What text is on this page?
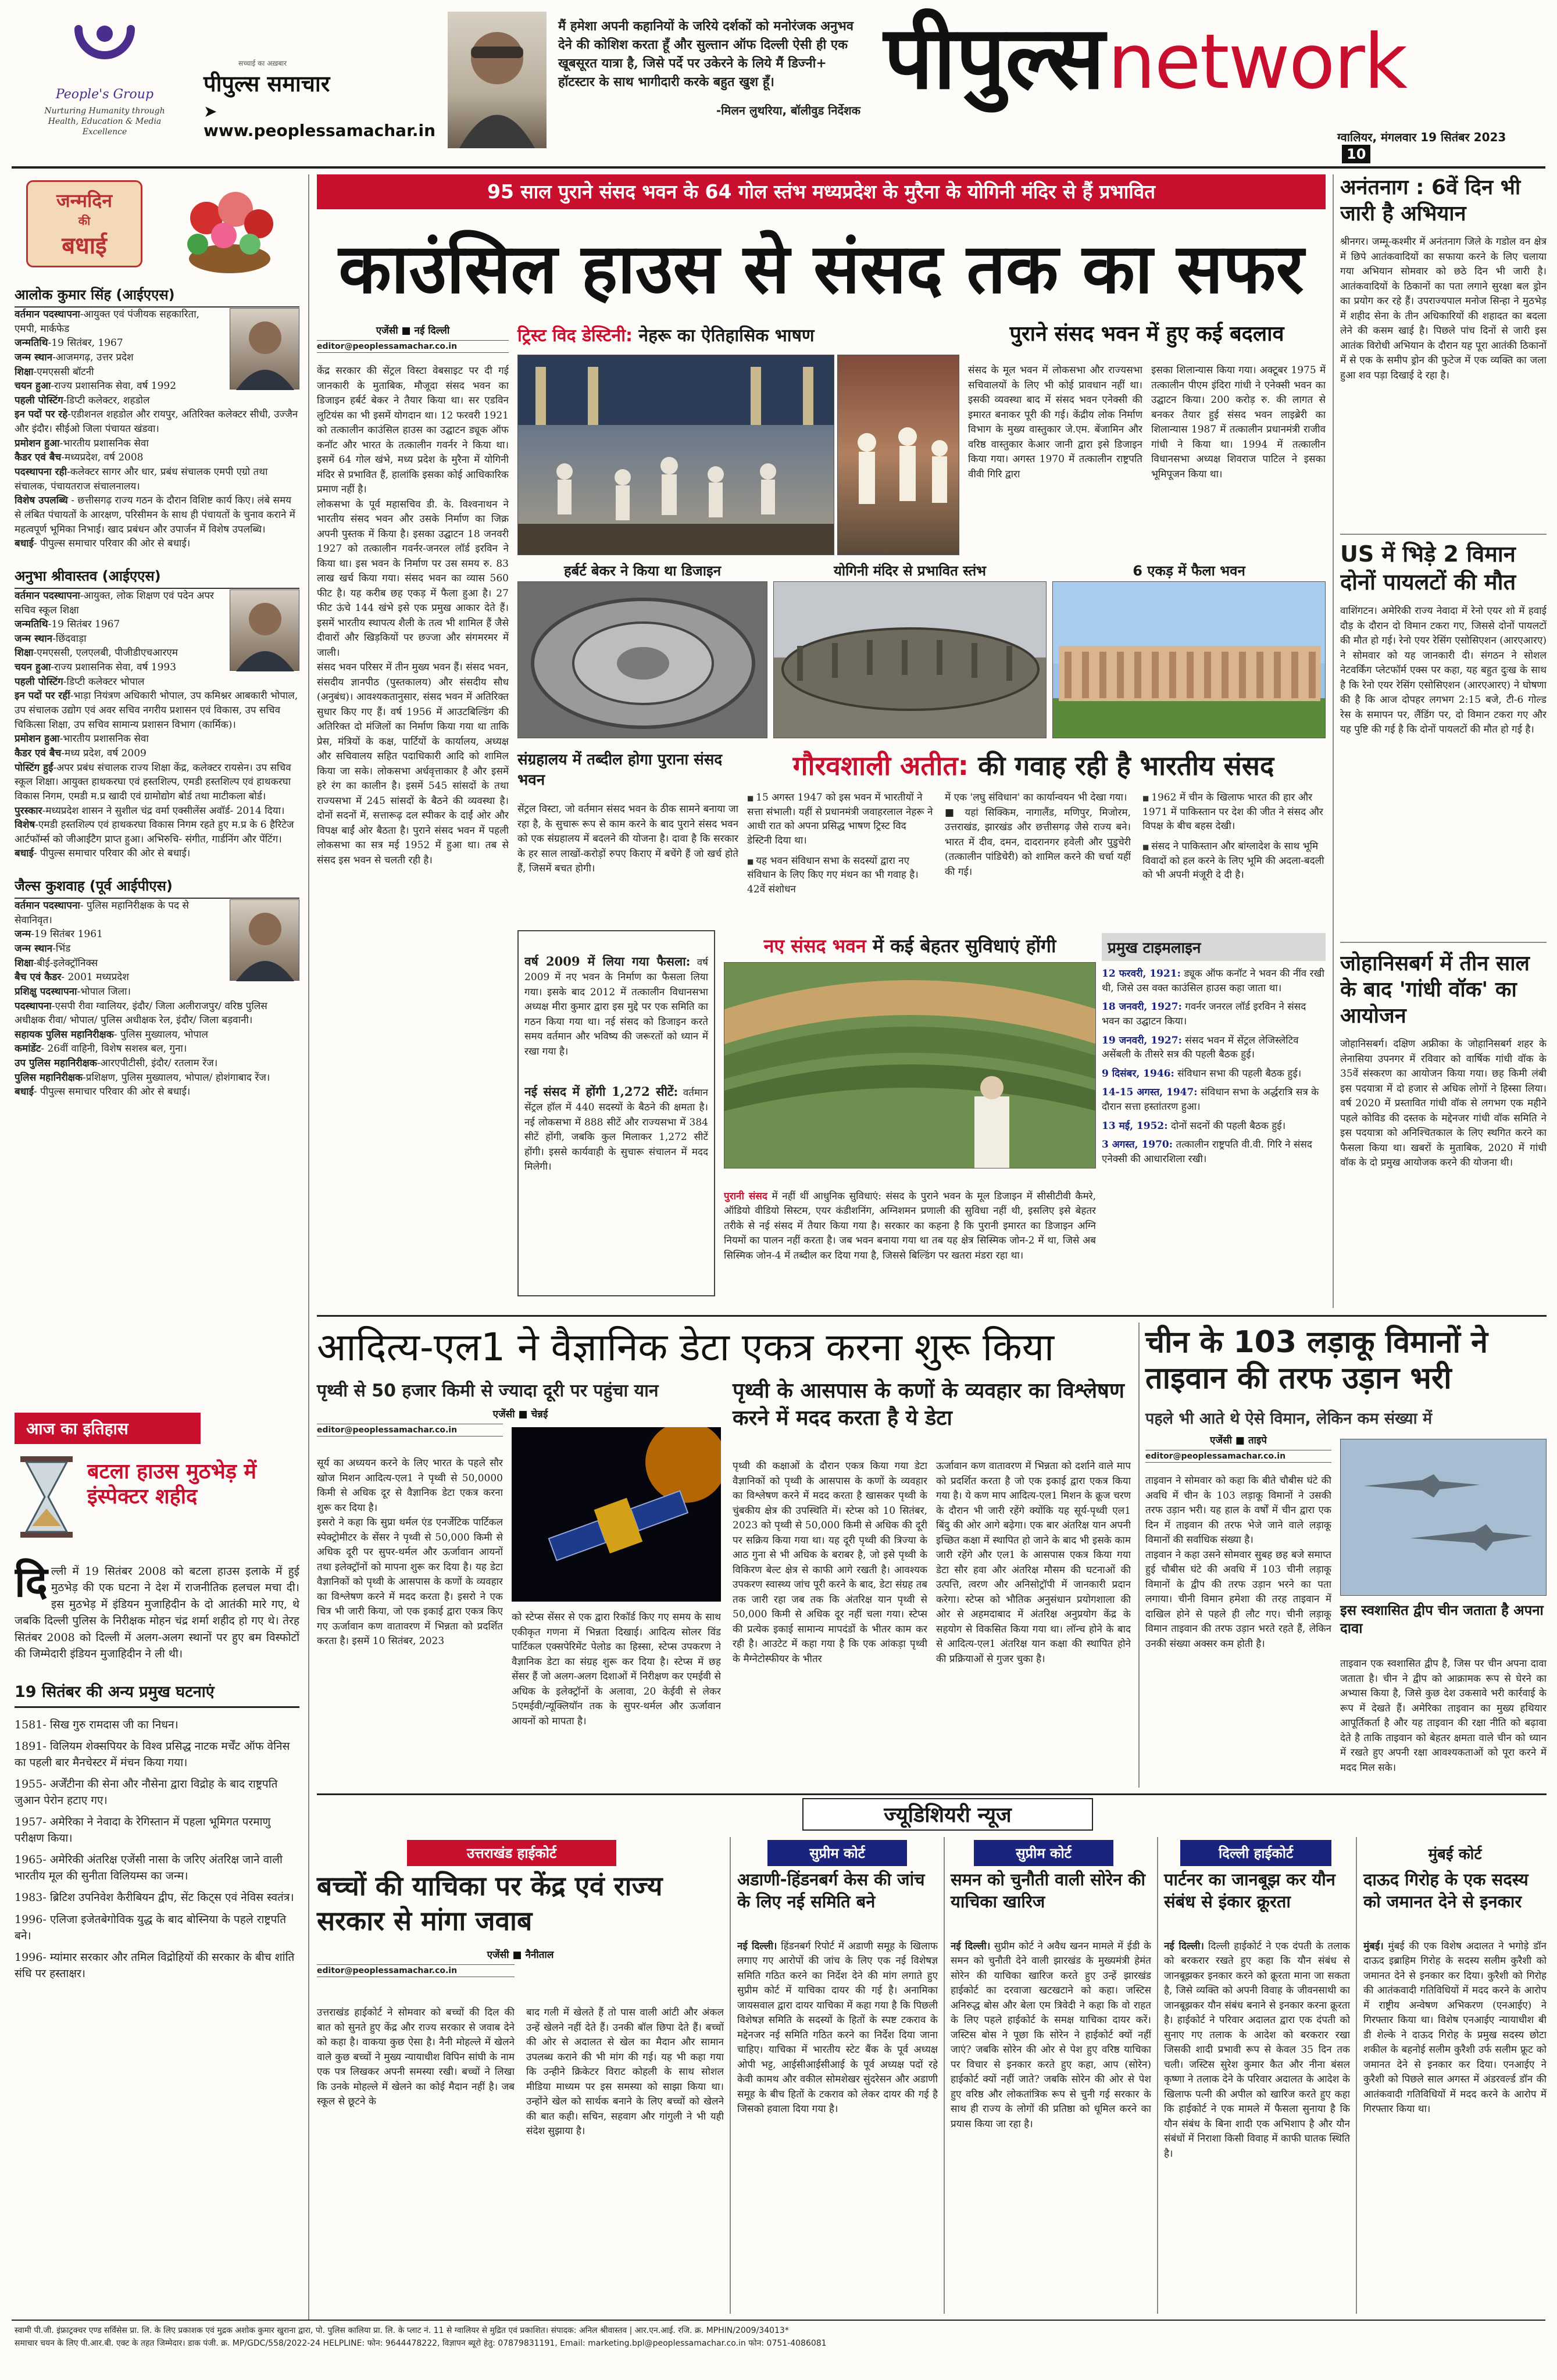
People's Group
Nurturing Humanity through Health, Education & Media Excellence
सच्चाई का अख़बार
पीपुल्स समाचार
➤ www.peoplessamachar.in
मैं हमेशा अपनी कहानियों के जरिये दर्शकों को मनोरंजक अनुभव देने की कोशिश करता हूँ और सुल्तान ऑफ दिल्ली ऐसी ही एक खूबसूरत यात्रा है, जिसे पर्दे पर उकेरने के लिये मैं डिज्नी+ हॉटस्टार के साथ भागीदारी करके बहुत खुश हूँ।
-मिलन लुथरिया, बॉलीवुड निर्देशक
पीपुल्स network
ग्वालियर, मंगलवार 19 सितंबर 2023 10
जन्मदिन
की
बधाई
आलोक कुमार सिंह (आईएएस)
वर्तमान पदस्थापना-आयुक्त एवं पंजीयक सहकारिता, एमपी, मार्कफेड
जन्मतिथि-19 सितंबर, 1967
जन्म स्थान-आजमगढ़, उत्तर प्रदेश
शिक्षा-एमएससी बॉटनी
चयन हुआ-राज्य प्रशासनिक सेवा, वर्ष 1992
पहली पोस्टिंग-डिप्टी कलेक्टर, शहडोल
इन पदों पर रहे-एडीशनल शहडोल और रायपुर, अतिरिक्त कलेक्टर सीधी, उज्जैन और इंदौर। सीईओ जिला पंचायत खंडवा।
प्रमोशन हुआ-भारतीय प्रशासनिक सेवा
कैडर एवं बैच-मध्यप्रदेश, वर्ष 2008
पदस्थापना रही-कलेक्टर सागर और धार, प्रबंध संचालक एमपी एग्रो तथा संचालक, पंचायतराज संचालनालय।
विशेष उपलब्धि - छत्तीसगढ़ राज्य गठन के दौरान विशिष्ट कार्य किए। लंबे समय से लंबित पंचायतों के आरक्षण, परिसीमन के साथ ही पंचायतों के चुनाव कराने में महत्वपूर्ण भूमिका निभाई। खाद प्रबंधन और उपार्जन में विशेष उपलब्धि।
बधाई- पीपुल्स समाचार परिवार की ओर से बधाई।
अनुभा श्रीवास्तव (आईएएस)
वर्तमान पदस्थापना-आयुक्त, लोक शिक्षण एवं पदेन अपर सचिव स्कूल शिक्षा
जन्मतिथि-19 सितंबर 1967
जन्म स्थान-छिंदवाड़ा
शिक्षा-एमएससी, एलएलबी, पीजीडीएचआरएम
चयन हुआ-राज्य प्रशासनिक सेवा, वर्ष 1993
पहली पोस्टिंग-डिप्टी कलेक्टर भोपाल
इन पदों पर रहीं-भाड़ा नियंत्रण अधिकारी भोपाल, उप कमिश्नर आबकारी भोपाल, उप संचालक उद्योग एवं अवर सचिव नगरीय प्रशासन एवं विकास, उप सचिव चिकित्सा शिक्षा, उप सचिव सामान्य प्रशासन विभाग (कार्मिक)।
प्रमोशन हुआ-भारतीय प्रशासनिक सेवा
कैडर एवं बैच-मध्य प्रदेश, वर्ष 2009
पोस्टिंग हुईं-अपर प्रबंध संचालक राज्य शिक्षा केंद्र, कलेक्टर रायसेन। उप सचिव स्कूल शिक्षा। आयुक्त हाथकरघा एवं हस्तशिल्प, एमडी हस्तशिल्प एवं हाथकरघा विकास निगम, एमडी म.प्र खादी एवं ग्रामोद्योग बोर्ड तथा माटीकला बोर्ड।
पुरस्कार-मध्यप्रदेश शासन ने सुशील चंद्र वर्मा एक्सीलेंस अवॉर्ड- 2014 दिया।
विशेष-एमडी हस्तशिल्प एवं हाथकरघा विकास निगम रहते हुए म.प्र के 6 हैरिटेज आर्टफॉर्म्स को जीआईटैग प्राप्त हुआ। अभिरुचि- संगीत, गार्डनिंग और पेंटिंग।
बधाई- पीपुल्स समाचार परिवार की ओर से बधाई।
जैल्स कुशवाह (पूर्व आईपीएस)
वर्तमान पदस्थापना- पुलिस महानिरीक्षक के पद से सेवानिवृत।
जन्म-19 सितंबर 1961
जन्म स्थान-भिंड
शिक्षा-बीई-इलेक्ट्रॉनिक्स
बैच एवं कैडर- 2001 मध्यप्रदेश
प्रशिक्षु पदस्थापना-भोपाल जिला।
पदस्थापना-एसपी रीवा ग्वालियर, इंदौर/ जिला अलीराजपुर/ वरिष्ठ पुलिस अधीक्षक रीवा/ भोपाल/ पुलिस अधीक्षक रेल, इंदौर/ जिला बड़वानी।
सहायक पुलिस महानिरीक्षक- पुलिस मुख्यालय, भोपाल
कमांडेंट- 26वीं वाहिनी, विशेष सशस्त्र बल, गुना।
उप पुलिस महानिरीक्षक-आरएपीटीसी, इंदौर/ रतलाम रेंज।
पुलिस महानिरीक्षक-प्रशिक्षण, पुलिस मुख्यालय, भोपाल/ होशंगाबाद रेंज।
बधाई- पीपुल्स समाचार परिवार की ओर से बधाई।
आज का इतिहास
बटला हाउस मुठभेड़ में इंस्पेक्टर शहीद

दिल्ली में 19 सितंबर 2008 को बटला हाउस इलाके में हुई मुठभेड़ की एक घटना ने देश में राजनीतिक हलचल मचा दी। इस मुठभेड़ में इंडियन मुजाहिदीन के दो आतंकी मारे गए, थे जबकि दिल्ली पुलिस के निरीक्षक मोहन चंद्र शर्मा शहीद हो गए थे। तेरह सितंबर 2008 को दिल्ली में अलग-अलग स्थानों पर हुए बम विस्फोटों की जिम्मेदारी इंडियन मुजाहिदीन ने ली थी।

19 सितंबर की अन्य प्रमुख घटनाएं
1581- सिख गुरु रामदास जी का निधन।
1891- विलियम शेक्सपियर के विश्व प्रसिद्ध नाटक मर्चेंट ऑफ वेनिस का पहली बार मैनचेस्टर में मंचन किया गया।
1955- अर्जेंटीना की सेना और नौसेना द्वारा विद्रोह के बाद राष्ट्रपति जुआन पेरोन हटाए गए।
1957- अमेरिका ने नेवादा के रेगिस्तान में पहला भूमिगत परमाणु परीक्षण किया।
1965- अमेरिकी अंतरिक्ष एजेंसी नासा के जरिए अंतरिक्ष जाने वाली भारतीय मूल की सुनीता विलियम्स का जन्म।
1983- ब्रिटिश उपनिवेश कैरीबियन द्वीप, सेंट किट्स एवं नेविस स्वतंत्र।
1996- एलिजा इजेतबेगोविक युद्ध के बाद बोस्निया के पहले राष्ट्रपति बने।
1996- म्यांमार सरकार और तमिल विद्रोहियों की सरकार के बीच शांति संधि पर हस्ताक्षर।
95 साल पुराने संसद भवन के 64 गोल स्तंभ मध्यप्रदेश के मुरैना के योगिनी मंदिर से हैं प्रभावित
काउंसिल हाउस से संसद तक का सफर
एजेंसी ■ नई दिल्ली
editor@peoplessamachar.co.in
केंद्र सरकार की सेंट्रल विस्टा वेबसाइट पर दी गई जानकारी के मुताबिक, मौजूदा संसद भवन का डिजाइन हर्बर्ट बेकर ने तैयार किया था। सर एडविन लुटियंस का भी इसमें योगदान था। 12 फरवरी 1921 को तत्कालीन काउंसिल हाउस का उद्घाटन ड्यूक ऑफ कनॉट और भारत के तत्कालीन गवर्नर ने किया था। इसमें 64 गोल खंभे, मध्य प्रदेश के मुरैना में योगिनी मंदिर से प्रभावित हैं, हालांकि इसका कोई आधिकारिक प्रमाण नहीं है।
लोकसभा के पूर्व महासचिव डी. के. विश्वनाथन ने भारतीय संसद भवन और उसके निर्माण का जिक्र अपनी पुस्तक में किया है। इसका उद्घाटन 18 जनवरी 1927 को तत्कालीन गवर्नर-जनरल लॉर्ड इरविन ने किया था। इस भवन के निर्माण पर उस समय रु. 83 लाख खर्च किया गया। संसद भवन का व्यास 560 फीट है। यह करीब छह एकड़ में फैला हुआ है। 27 फीट ऊंचे 144 खंभे इसे एक प्रमुख आकार देते हैं। इसमें भारतीय स्थापत्य शैली के तत्व भी शामिल हैं जैसे दीवारों और खिड़कियों पर छज्जा और संगमरमर में जाली।
संसद भवन परिसर में तीन मुख्य भवन हैं। संसद भवन, संसदीय ज्ञानपीठ (पुस्तकालय) और संसदीय सौध (अनुबंध)। आवश्यकतानुसार, संसद भवन में अतिरिक्त सुधार किए गए हैं। वर्ष 1956 में आउटबिल्डिंग की अतिरिक्त दो मंजिलों का निर्माण किया गया था ताकि प्रेस, मंत्रियों के कक्ष, पार्टियों के कार्यालय, अध्यक्ष और सचिवालय सहित पदाधिकारी आदि को शामिल किया जा सके। लोकसभा अर्धवृत्ताकार है और इसमें हरे रंग का कालीन है। इसमें 545 सांसदों के तथा राज्यसभा में 245 सांसदों के बैठने की व्यवस्था है। दोनों सदनों में, सत्तारूढ़ दल स्पीकर के दाईं ओर और विपक्ष बाईं ओर बैठता है। पुराने संसद भवन में पहली लोकसभा का सत्र मई 1952 में हुआ था। तब से संसद इस भवन से चलती रही है।
ट्रिस्ट विद डेस्टिनी: नेहरू का ऐतिहासिक भाषण	पुराने संसद भवन में हुए कई बदलाव
संसद के मूल भवन में लोकसभा और राज्यसभा सचिवालयों के लिए भी कोई प्रावधान नहीं था। इसकी व्यवस्था बाद में संसद भवन एनेक्सी की इमारत बनाकर पूरी की गई। केंद्रीय लोक निर्माण विभाग के मुख्य वास्तुकार जे.एम. बेंजामिन और वरिष्ठ वास्तुकार केआर जानी द्वारा इसे डिजाइन किया गया। अगस्त 1970 में तत्कालीन राष्ट्रपति वीवी गिरि द्वारा
इसका शिलान्यास किया गया। अक्टूबर 1975 में तत्कालीन पीएम इंदिरा गांधी ने एनेक्सी भवन का उद्घाटन किया। 200 करोड़ रु. की लागत से बनकर तैयार हुई संसद भवन लाइब्रेरी का शिलान्यास 1987 में तत्कालीन प्रधानमंत्री राजीव गांधी ने किया था। 1994 में तत्कालीन विधानसभा अध्यक्ष शिवराज पाटिल ने इसका भूमिपूजन किया था।
हर्बर्ट बेकर ने किया था डिजाइन	योगिनी मंदिर से प्रभावित स्तंभ	6 एकड़ में फैला भवन
संग्रहालय में तब्दील होगा पुराना संसद भवन
सेंट्रल विस्टा, जो वर्तमान संसद भवन के ठीक सामने बनाया जा रहा है, के सुचारू रूप से काम करने के बाद पुराने संसद भवन को एक संग्रहालय में बदलने की योजना है। दावा है कि सरकार के हर साल लाखों-करोड़ों रुपए किराए में बचेंगे हैं जो खर्च होते हैं, जिसमें बचत होगी।
गौरवशाली अतीत: की गवाह रही है भारतीय संसद
■ 15 अगस्त 1947 को इस भवन में भारतीयों ने सत्ता संभाली। यहीं से प्रधानमंत्री जवाहरलाल नेहरू ने आधी रात को अपना प्रसिद्ध भाषण ट्रिस्ट विद डेस्टिनी दिया था।
■ यह भवन संविधान सभा के सदस्यों द्वारा नए संविधान के लिए किए गए मंथन का भी गवाह है। 42वें संशोधन
में एक 'लघु संविधान' का कार्यान्वयन भी देखा गया।
■ यहां सिक्किम, नागालैंड, मणिपुर, मिजोरम, उत्तराखंड, झारखंड और छत्तीसगढ़ जैसे राज्य बने। भारत में दीव, दमन, दादरानगर हवेली और पुडुचेरी (तत्कालीन पांडिचेरी) को शामिल करने की चर्चा यहीं की गई।
■ 1962 में चीन के खिलाफ भारत की हार और 1971 में पाकिस्तान पर देश की जीत ने संसद और विपक्ष के बीच बहस देखी।
■ संसद ने पाकिस्तान और बांग्लादेश के साथ भूमि विवादों को हल करने के लिए भूमि की अदला-बदली को भी अपनी मंजूरी दे दी है।

वर्ष 2009 में लिया गया फैसला: वर्ष 2009 में नए भवन के निर्माण का फैसला लिया गया। इसके बाद 2012 में तत्कालीन विधानसभा अध्यक्ष मीरा कुमार द्वारा इस मुद्दे पर एक समिति का गठन किया गया था। नई संसद को डिजाइन करते समय वर्तमान और भविष्य की जरूरतों को ध्यान में रखा गया है।

नई संसद में होंगी 1,272 सीटें: वर्तमान सेंट्रल हॉल में 440 सदस्यों के बैठने की क्षमता है। नई लोकसभा में 888 सीटें और राज्यसभा में 384 सीटें होंगी, जबकि कुल मिलाकर 1,272 सीटें होंगी। इससे कार्यवाही के सुचारू संचालन में मदद मिलेगी।

नए संसद भवन में कई बेहतर सुविधाएं होंगी

पुरानी संसद में नहीं थीं आधुनिक सुविधाएं: संसद के पुराने भवन के मूल डिजाइन में सीसीटीवी कैमरे, ऑडियो वीडियो सिस्टम, एयर कंडीशनिंग, अग्निशमन प्रणाली की सुविधा नहीं थी, इसलिए इसे बेहतर तरीके से नई संसद में तैयार किया गया है। सरकार का कहना है कि पुरानी इमारत का डिजाइन अग्नि नियमों का पालन नहीं करता है। जब भवन बनाया गया था तब यह क्षेत्र सिस्मिक जोन-2 में था, जिसे अब सिस्मिक जोन-4 में तब्दील कर दिया गया है, जिससे बिल्डिंग पर खतरा मंडरा रहा था।

प्रमुख टाइमलाइन
12 फरवरी, 1921: ड्यूक ऑफ कनॉट ने भवन की नींव रखी थी, जिसे उस वक्त काउंसिल हाउस कहा जाता था।
18 जनवरी, 1927: गवर्नर जनरल लॉर्ड इरविन ने संसद भवन का उद्घाटन किया।
19 जनवरी, 1927: संसद भवन में सेंट्रल लेजिस्लेटिव असेंबली के तीसरे सत्र की पहली बैठक हुई।
9 दिसंबर, 1946: संविधान सभा की पहली बैठक हुई।
14-15 अगस्त, 1947: संविधान सभा के अर्द्धरात्रि सत्र के दौरान सत्ता हस्तांतरण हुआ।
13 मई, 1952: दोनों सदनों की पहली बैठक हुई।
3 अगस्त, 1970: तत्कालीन राष्ट्रपति वी.वी. गिरि ने संसद एनेक्सी की आधारशिला रखी।
अनंतनाग : 6वें दिन भी जारी है अभियान
श्रीनगर। जम्मू-कश्मीर में अनंतनाग जिले के गडोल वन क्षेत्र में छिपे आतंकवादियों का सफाया करने के लिए चलाया गया अभियान सोमवार को छठे दिन भी जारी है। आतंकवादियों के ठिकानों का पता लगाने सुरक्षा बल ड्रोन का प्रयोग कर रहे हैं। उपराज्यपाल मनोज सिन्हा ने मुठभेड़ में शहीद सेना के तीन अधिकारियों की शहादत का बदला लेने की कसम खाई है। पिछले पांच दिनों से जारी इस आतंक विरोधी अभियान के दौरान यह पूरा आतंकी ठिकानों में से एक के समीप ड्रोन की फुटेज में एक व्यक्ति का जला हुआ शव पड़ा दिखाई दे रहा है।
US में भिड़े 2 विमान दोनों पायलटों की मौत
वाशिंगटन। अमेरिकी राज्य नेवादा में रेनो एयर शो में हवाई दौड़ के दौरान दो विमान टकरा गए, जिससे दोनों पायलटों की मौत हो गई। रेनो एयर रेसिंग एसोसिएशन (आरएआरए) ने सोमवार को यह जानकारी दी। संगठन ने सोशल नेटवर्किंग प्लेटफॉर्म एक्स पर कहा, यह बहुत दुःख के साथ है कि रेनो एयर रेसिंग एसोसिएशन (आरएआरए) ने घोषणा की है कि आज दोपहर लगभग 2:15 बजे, टी-6 गोल्ड रेस के समापन पर, लैंडिंग पर, दो विमान टकरा गए और यह पुष्टि की गई है कि दोनों पायलटों की मौत हो गई है।
जोहानिसबर्ग में तीन साल के बाद 'गांधी वॉक' का आयोजन
जोहानिसबर्ग। दक्षिण अफ्रीका के जोहानिसबर्ग शहर के लेनासिया उपनगर में रविवार को वार्षिक गांधी वॉक के 35वें संस्करण का आयोजन किया गया। छह किमी लंबी इस पदयात्रा में दो हजार से अधिक लोगों ने हिस्सा लिया। वर्ष 2020 में प्रस्तावित गांधी वॉक से लगभग एक महीने पहले कोविड की दस्तक के मद्देनजर गांधी वॉक समिति ने इस पदयात्रा को अनिश्चितकाल के लिए स्थगित करने का फैसला किया था। खबरों के मुताबिक, 2020 में गांधी वॉक के दो प्रमुख आयोजक करने की योजना थी।
आदित्य-एल1 ने वैज्ञानिक डेटा एकत्र करना शुरू किया
पृथ्वी से 50 हजार किमी से ज्यादा दूरी पर पहुंचा यान
एजेंसी ■ चेन्नई
editor@peoplessamachar.co.in
सूर्य का अध्ययन करने के लिए भारत के पहले सौर खोज मिशन आदित्य-एल1 ने पृथ्वी से 50,0000 किमी से अधिक दूर से वैज्ञानिक डेटा एकत्र करना शुरू कर दिया है।
इसरो ने कहा कि सुप्रा थर्मल एंड एनर्जेटिक पार्टिकल स्पेक्ट्रोमीटर के सेंसर ने पृथ्वी से 50,000 किमी से अधिक दूरी पर सुपर-थर्मल और ऊर्जावान आयनों तथा इलेक्ट्रॉनों को मापना शुरू कर दिया है। यह डेटा वैज्ञानिकों को पृथ्वी के आसपास के कणों के व्यवहार का विश्लेषण करने में मदद करता है। इसरो ने एक चित्र भी जारी किया, जो एक इकाई द्वारा एकत्र किए गए ऊर्जावान कण वातावरण में भिन्नता को प्रदर्शित करता है। इसमें 10 सितंबर, 2023
को स्टेप्स सेंसर से एक द्वारा रिकॉर्ड किए गए समय के साथ एकीकृत गणना में भिन्नता दिखाई। आदित्य सोलर विंड पार्टिकल एक्सपेरिमेंट पेलोड का हिस्सा, स्टेप्स उपकरण ने वैज्ञानिक डेटा का संग्रह शुरू कर दिया है। स्टेप्स में छह सेंसर हैं जो अलग-अलग दिशाओं में निरीक्षण कर एमईवी से अधिक के इलेक्ट्रॉनों के अलावा, 20 केईवी से लेकर 5एमईवी/न्यूक्लियॉन तक के सुपर-थर्मल और ऊर्जावान आयनों को मापता है।
पृथ्वी के आसपास के कणों के व्यवहार का विश्लेषण करने में मदद करता है ये डेटा
पृथ्वी की कक्षाओं के दौरान एकत्र किया गया डेटा वैज्ञानिकों को पृथ्वी के आसपास के कणों के व्यवहार का विश्लेषण करने में मदद करता है खासकर पृथ्वी के चुंबकीय क्षेत्र की उपस्थिति में। स्टेप्स को 10 सितंबर, 2023 को पृथ्वी से 50,000 किमी से अधिक की दूरी पर सक्रिय किया गया था। यह दूरी पृथ्वी की त्रिज्या के आठ गुना से भी अधिक के बराबर है, जो इसे पृथ्वी के विकिरण बेल्ट क्षेत्र से काफी आगे रखती है। आवश्यक उपकरण स्वास्थ्य जांच पूरी करने के बाद, डेटा संग्रह तब तक जारी रहा जब तक कि अंतरिक्ष यान पृथ्वी से 50,000 किमी से अधिक दूर नहीं चला गया। स्टेप्स की प्रत्येक इकाई सामान्य मापदंडों के भीतर काम कर रही है। आउटेट में कहा गया है कि एक आंकड़ा पृथ्वी के मैग्नेटोस्फीयर के भीतर
ऊर्जावान कण वातावरण में भिन्नता को दर्शाने वाले माप को प्रदर्शित करता है जो एक इकाई द्वारा एकत्र किया गया है। ये कण माप आदित्य-एल1 मिशन के क्रूज चरण के दौरान भी जारी रहेंगे क्योंकि यह सूर्य-पृथ्वी एल1 बिंदु की ओर आगे बढ़ेगा। एक बार अंतरिक्ष यान अपनी इच्छित कक्षा में स्थापित हो जाने के बाद भी इसके काम जारी रहेंगे और एल1 के आसपास एकत्र किया गया डेटा सौर हवा और अंतरिक्ष मौसम की घटनाओं की उत्पत्ति, त्वरण और अनिसोट्रॉपी में जानकारी प्रदान करेगा। स्टेप्स को भौतिक अनुसंधान प्रयोगशाला की ओर से अहमदाबाद में अंतरिक्ष अनुप्रयोग केंद्र के सहयोग से विकसित किया गया था। लॉन्च होने के बाद से आदित्य-एल1 अंतरिक्ष यान कक्षा की स्थापित होने की प्रक्रियाओं से गुजर चुका है।
चीन के 103 लड़ाकू विमानों ने ताइवान की तरफ उड़ान भरी
पहले भी आते थे ऐसे विमान, लेकिन कम संख्या में
एजेंसी ■ ताइपे
editor@peoplessamachar.co.in
ताइवान ने सोमवार को कहा कि बीते चौबीस घंटे की अवधि में चीन के 103 लड़ाकू विमानों ने उसकी तरफ उड़ान भरी। यह हाल के वर्षों में चीन द्वारा एक दिन में ताइवान की तरफ भेजे जाने वाले लड़ाकू विमानों की सर्वाधिक संख्या है।
ताइवान ने कहा उसने सोमवार सुबह छह बजे समाप्त हुई चौबीस घंटे की अवधि में 103 चीनी लड़ाकू विमानों के द्वीप की तरफ उड़ान भरने का पता लगाया। चीनी विमान हमेशा की तरह ताइवान में दाखिल होने से पहले ही लौट गए। चीनी लड़ाकू विमान ताइवान की तरफ उड़ान भरते रहते हैं, लेकिन उनकी संख्या अक्सर कम होती है।
इस स्वशासित द्वीप चीन जताता है अपना दावा
ताइवान एक स्वशासित द्वीप है, जिस पर चीन अपना दावा जताता है। चीन ने द्वीप को आक्रामक रूप से घेरने का अभ्यास किया है, जिसे कुछ देश उकसावे भरी कार्रवाई के रूप में देखते हैं। अमेरिका ताइवान का मुख्य हथियार आपूर्तिकर्ता है और यह ताइवान की रक्षा नीति को बढ़ावा देते है ताकि ताइवान को बेहतर क्षमता वाले चीन को ध्यान में रखते हुए अपनी रक्षा आवश्यकताओं को पूरा करने में मदद मिल सके।
ज्यूडिशियरी न्यूज
उत्तराखंड हाईकोर्ट
बच्चों की याचिका पर केंद्र एवं राज्य सरकार से मांगा जवाब
एजेंसी ■ नैनीताल
editor@peoplessamachar.co.in
उत्तराखंड हाईकोर्ट ने सोमवार को बच्चों की दिल की बात को सुनते हुए केंद्र और राज्य सरकार से जवाब देने को कहा है। वाकया कुछ ऐसा है। नैनी मोहल्ले में खेलने वाले कुछ बच्चों ने मुख्य न्यायाधीश विपिन सांघी के नाम एक पत्र लिखकर अपनी समस्या रखी। बच्चों ने लिखा कि उनके मोहल्ले में खेलने का कोई मैदान नहीं है। जब स्कूल से छूटने के
बाद गली में खेलते हैं तो पास वाली आंटी और अंकल उन्हें खेलने नहीं देते हैं। उनकी बॉल छिपा देते हैं। बच्चों की ओर से अदालत से खेल का मैदान और सामान उपलब्ध कराने की भी मांग की गई। यह भी कहा गया कि उन्हीने क्रिकेटर विराट कोहली के साथ सोशल मीडिया माध्यम पर इस समस्या को साझा किया था। उन्होंने खेल को सार्थक बनाने के लिए बच्चों को खेलने की बात कही। सचिन, सहवाग और गांगुली ने भी यही संदेश सुझाया है।
सुप्रीम कोर्ट
अडाणी-हिंडनबर्ग केस की जांच के लिए नई समिति बने

नई दिल्ली। हिंडनबर्ग रिपोर्ट में अडाणी समूह के खिलाफ लगाए गए आरोपों की जांच के लिए एक नई विशेषज्ञ समिति गठित करने का निर्देश देने की मांग लगाते हुए सुप्रीम कोर्ट में याचिका दायर की गई है। अनामिका जायसवाल द्वारा दायर याचिका में कहा गया है कि पिछली विशेषज्ञ समिति के सदस्यों के हितों के स्पष्ट टकराव के मद्देनजर नई समिति गठित करने का निर्देश दिया जाना चाहिए। याचिका में भारतीय स्टेट बैंक के पूर्व अध्यक्ष ओपी भट्ट, आईसीआईसीआई के पूर्व अध्यक्ष पदों रहे केवी कामथ और वकील सोमशेखर सुंदरेसन और अडाणी समूह के बीच हितों के टकराव को लेकर दायर की गई है जिसको हवाला दिया गया है।

सुप्रीम कोर्ट
समन को चुनौती वाली सोरेन की याचिका खारिज

नई दिल्ली। सुप्रीम कोर्ट ने अवैध खनन मामले में ईडी के समन को चुनौती देने वाली झारखंड के मुख्यमंत्री हेमंत सोरेन की याचिका खारिज करते हुए उन्हें झारखंड हाईकोर्ट का दरवाजा खटखटाने को कहा। जस्टिस अनिरुद्ध बोस और बेला एम त्रिवेदी ने कहा कि वो राहत के लिए पहले हाईकोर्ट के समक्ष याचिका दायर करें। जस्टिस बोस ने पूछा कि सोरेन ने हाईकोर्ट क्यों नहीं जाएं? जबकि सोरेन की ओर से पेश हुए वरिष्ठ याचिका पर विचार से इनकार करते हुए कहा, आप (सोरेन) हाईकोर्ट क्यों नहीं जाते? जबकि सोरेन की ओर से पेश हुए वरिष्ठ और लोकतांत्रिक रूप से चुनी गई सरकार के साथ ही राज्य के लोगों की प्रतिष्ठा को धूमिल करने का प्रयास किया जा रहा है।

दिल्ली हाईकोर्ट
पार्टनर का जानबूझ कर यौन संबंध से इंकार क्रूरता

नई दिल्ली। दिल्ली हाईकोर्ट ने एक दंपती के तलाक को बरकरार रखते हुए कहा कि यौन संबंध से जानबूझकर इनकार करने को क्रूरता माना जा सकता है, जिसे व्यक्ति को अपनी विवाह के जीवनसाथी का जानबूझकर यौन संबंध बनाने से इनकार करना क्रूरता है। हाईकोर्ट ने परिवार अदालत द्वारा एक दंपती को सुनाए गए तलाक के आदेश को बरकरार रखा जिसकी शादी प्रभावी रूप से केवल 35 दिन तक चली। जस्टिस सुरेश कुमार कैत और नीना बंसल कृष्णा ने तलाक देने के परिवार अदालत के आदेश के खिलाफ पत्नी की अपील को खारिज करते हुए कहा कि हाईकोर्ट ने एक मामले में फैसला सुनाया है कि यौन संबंध के बिना शादी एक अभिशाप है और यौन संबंधों में निराशा किसी विवाह में काफी घातक स्थिति है।

मुंबई कोर्ट
दाऊद गिरोह के एक सदस्य को जमानत देने से इनकार

मुंबई। मुंबई की एक विशेष अदालत ने भगोड़े डॉन दाऊद इब्राहिम गिरोह के सदस्य सलीम कुरैशी को जमानत देने से इनकार कर दिया। कुरैशी को गिरोह की आतंकवादी गतिविधियों में मदद करने के आरोप में राष्ट्रीय अन्वेषण अभिकरण (एनआईए) ने गिरफ्तार किया था। विशेष एनआईए न्यायाधीश बी डी शेल्के ने दाऊद गिरोह के प्रमुख सदस्य छोटा शकील के बहनोई सलीम कुरैशी उर्फ सलीम फ्रूट को जमानत देने से इनकार कर दिया। एनआईए ने कुरैशी को पिछले साल अगस्त में अंडरवर्ल्ड डॉन की आतंकवादी गतिविधियों में मदद करने के आरोप में गिरफ्तार किया था।

स्वामी पी.जी. इंफ्राट्रक्चर एण्ड सर्विसेस प्रा. लि. के लिए प्रकाशक एवं मुद्रक अशोक कुमार खुराना द्वारा, पो. पुलिस कालिया प्रा. लि. के प्लाट नं. 11 से ग्वालियर से मुद्रित एवं प्रकाशित। संपादक: अनिल श्रीवास्तव | आर.एन.आई. रजि. क्र. MPHIN/2009/34013*
समाचार चयन के लिए पी.आर.बी. एक्ट के तहत जिम्मेदार। डाक पंजी. क्र. MP/GDC/558/2022-24 HELPLINE: फोन: 9644478222, विज्ञापन ब्यूरो हेतु: 07879831191, Email: marketing.bpl@peoplessamachar.co.in फोन: 0751-4086081
